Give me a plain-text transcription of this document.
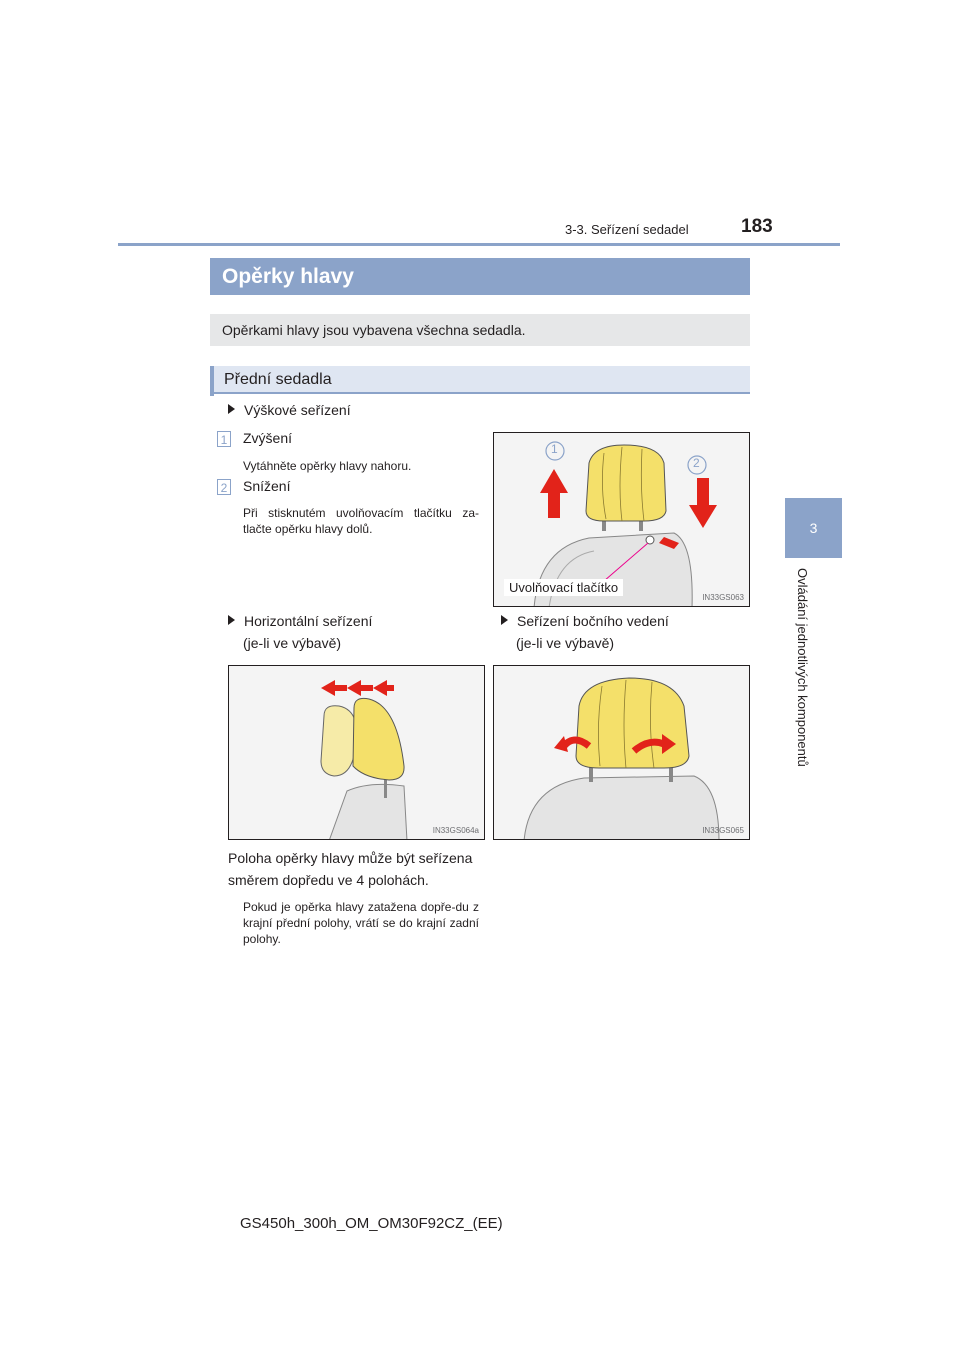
3-3. Seřízení sedadel	183
3
Ovládání jednotlivých komponentů
Opěrky hlavy
Opěrkami hlavy jsou vybavena všechna sedadla.
Přední sedadla
Výškové seřízení
1 Zvýšení
Vytáhněte opěrky hlavy nahoru.
2 Snížení
Při stisknutém uvolňovacím tlačítku za-tlačte opěrku hlavy dolů.
1
2
Uvolňovací tlačítko
IN33GS063
Horizontální seřízení
(je-li ve výbavě)
Seřízení bočního vedení
(je-li ve výbavě)
IN33GS064a	IN33GS065
Poloha opěrky hlavy může být seřízena
směrem dopředu ve 4 polohách.
Pokud je opěrka hlavy zatažena dopře-du z krajní přední polohy, vrátí se do krajní zadní polohy.
GS450h_300h_OM_OM30F92CZ_(EE)
